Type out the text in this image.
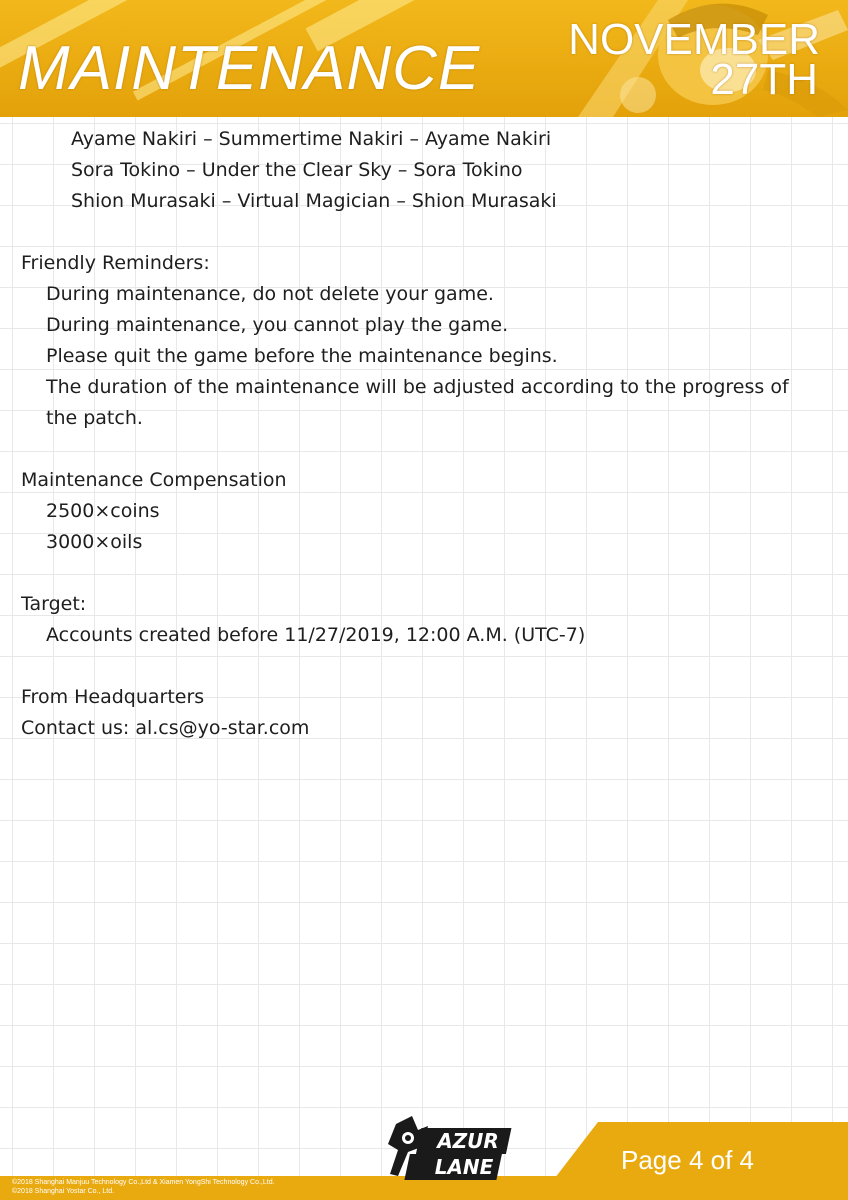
MAINTENANCE NOVEMBER
27TH
Ayame Nakiri – Summertime Nakiri – Ayame Nakiri
Sora Tokino – Under the Clear Sky – Sora Tokino
Shion Murasaki – Virtual Magician – Shion Murasaki
Friendly Reminders:
During maintenance, do not delete your game.
During maintenance, you cannot play the game.
Please quit the game before the maintenance begins.
The duration of the maintenance will be adjusted according to the progress of
the patch.
Maintenance Compensation
2500×coins
3000×oils
Target:
Accounts created before 11/27/2019, 12:00 A.M. (UTC-7)
From Headquarters
Contact us: al.cs@yo-star.com
Page 4 of 4
©2018 Shanghai Manjuu Technology Co.,Ltd & Xiamen YongShi Technology Co.,Ltd.
©2018 Shanghai Yostar Co., Ltd.
AZUR
LANE
